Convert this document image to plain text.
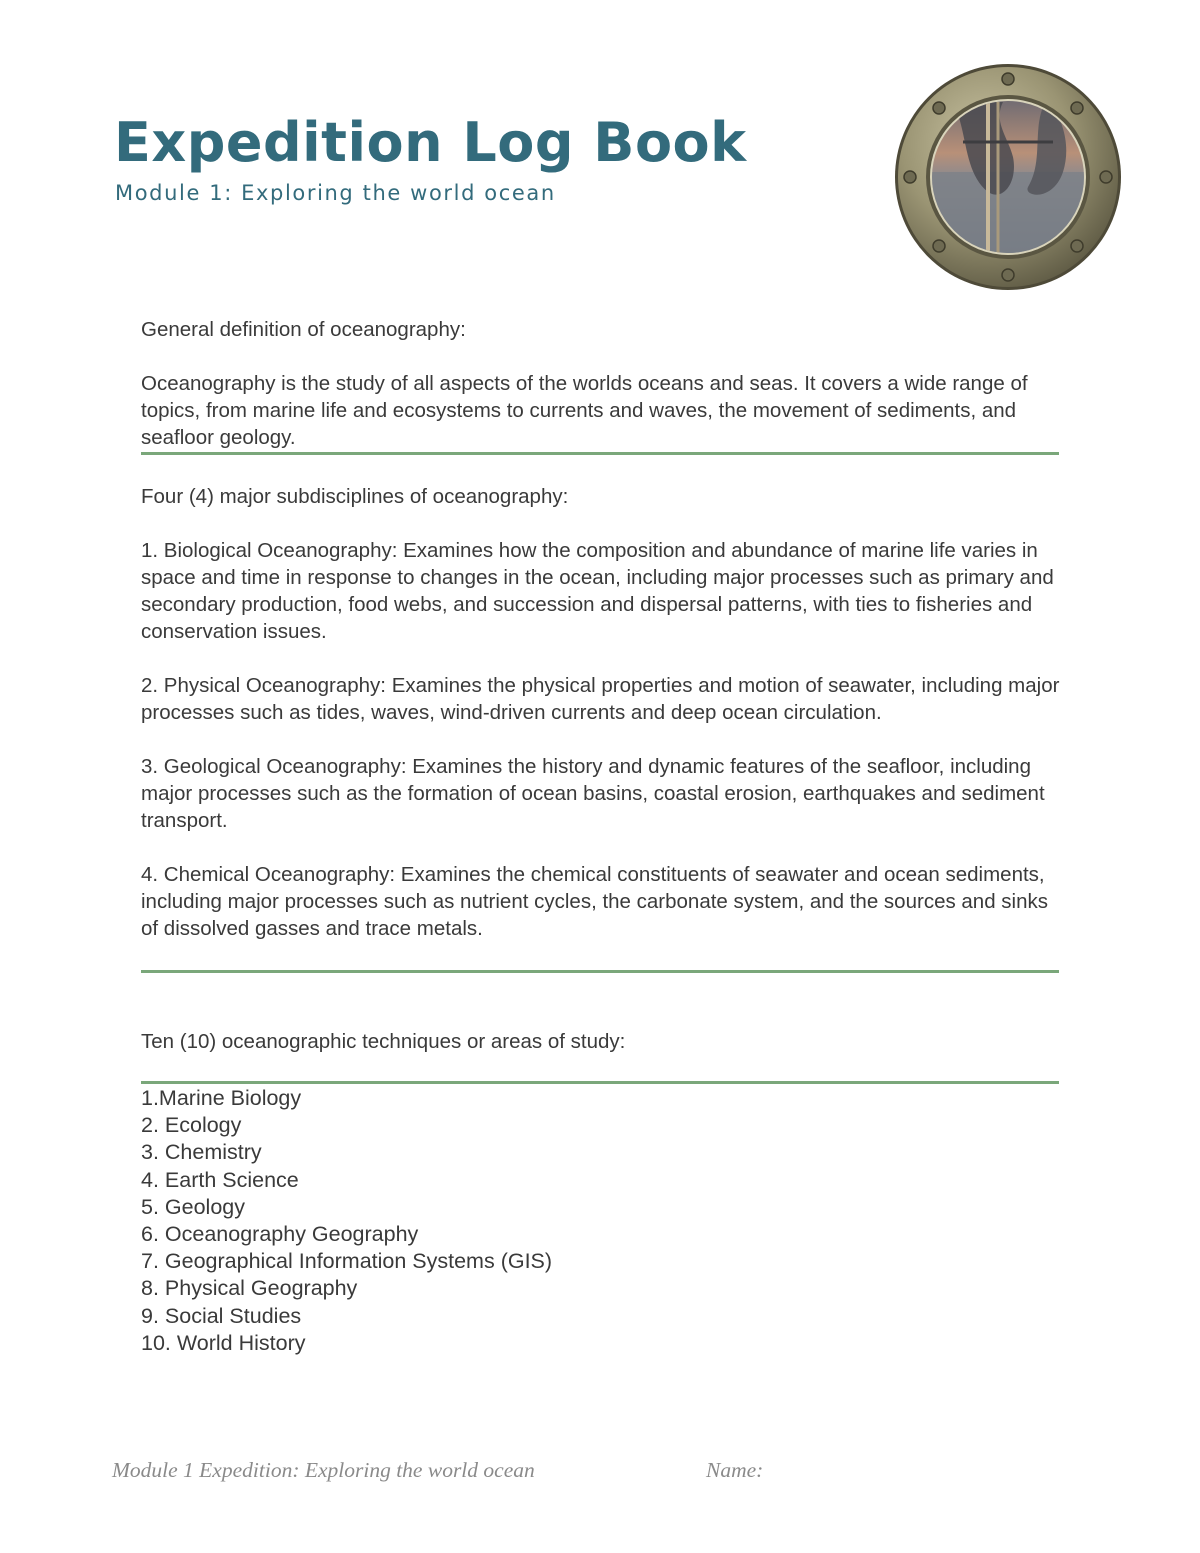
Expedition Log Book
Module 1: Exploring the world ocean

General definition of oceanography:

Oceanography is the study of all aspects of the worlds oceans and seas. It covers a wide range of topics, from marine life and ecosystems to currents and waves, the movement of sediments, and seafloor geology.

Four (4) major subdisciplines of oceanography:

1. Biological Oceanography: Examines how the composition and abundance of marine life varies in space and time in response to changes in the ocean, including major processes such as primary and secondary production, food webs, and succession and dispersal patterns, with ties to fisheries and conservation issues.

2. Physical Oceanography: Examines the physical properties and motion of seawater, including major processes such as tides, waves, wind-driven currents and deep ocean circulation.

3. Geological Oceanography: Examines the history and dynamic features of the seafloor, including major processes such as the formation of ocean basins, coastal erosion, earthquakes and sediment transport.

4. Chemical Oceanography: Examines the chemical constituents of seawater and ocean sediments, including major processes such as nutrient cycles, the carbonate system, and the sources and sinks of dissolved gasses and trace metals.

Ten (10) oceanographic techniques or areas of study:
1.Marine Biology
2. Ecology
3. Chemistry
4. Earth Science
5. Geology
6. Oceanography Geography
7. Geographical Information Systems (GIS)
8. Physical Geography
9. Social Studies
10. World History
Module 1 Expedition: Exploring the world ocean	Name:
